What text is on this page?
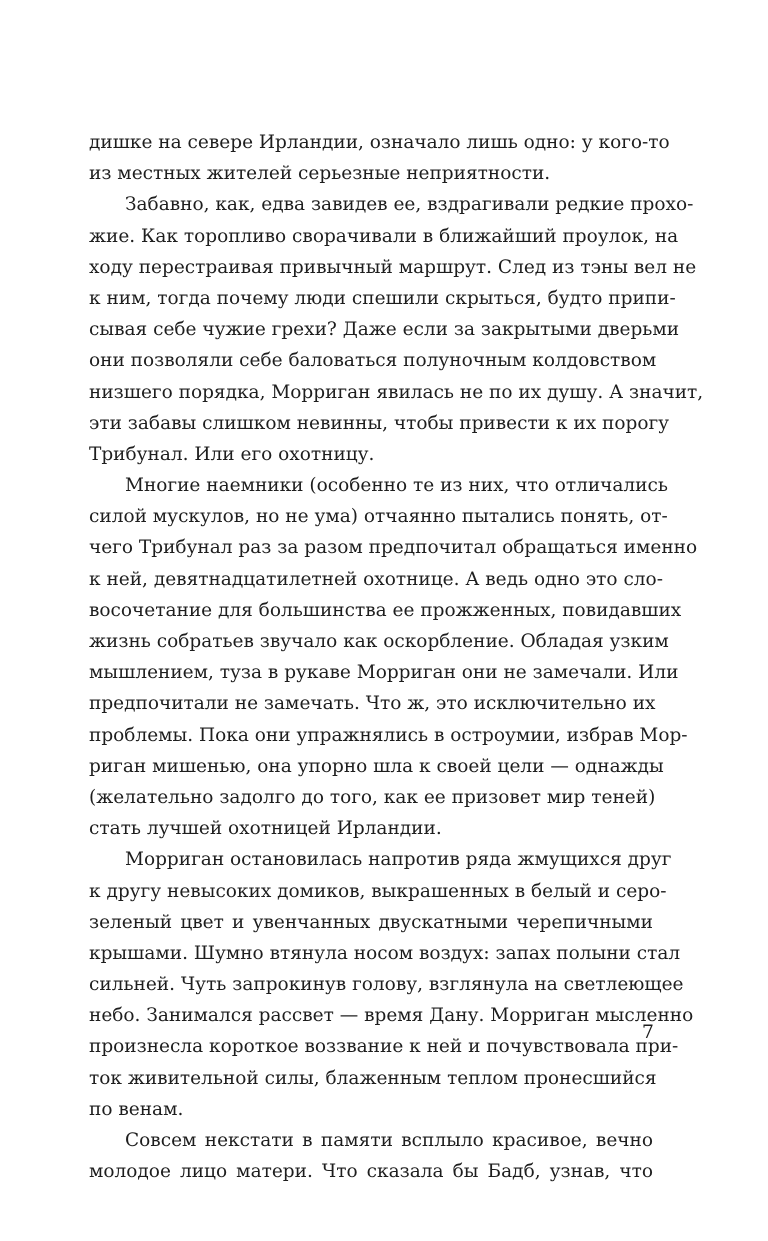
дишке на севере Ирландии, означало лишь одно: у кого-то
из местных жителей серьезные неприятности.
Забавно, как, едва завидев ее, вздрагивали редкие прохо-
жие. Как торопливо сворачивали в ближайший проулок, на
ходу перестраивая привычный маршрут. След из тэны вел не
к ним, тогда почему люди спешили скрыться, будто припи-
сывая себе чужие грехи? Даже если за закрытыми дверьми
они позволяли себе баловаться полуночным колдовством
низшего порядка, Морриган явилась не по их душу. А значит,
эти забавы слишком невинны, чтобы привести к их порогу
Трибунал. Или его охотницу.
Многие наемники (особенно те из них, что отличались
силой мускулов, но не ума) отчаянно пытались понять, от-
чего Трибунал раз за разом предпочитал обращаться именно
к ней, девятнадцатилетней охотнице. А ведь одно это сло-
восочетание для большинства ее прожженных, повидавших
жизнь собратьев звучало как оскорбление. Обладая узким
мышлением, туза в рукаве Морриган они не замечали. Или
предпочитали не замечать. Что ж, это исключительно их
проблемы. Пока они упражнялись в остроумии, избрав Мор-
риган мишенью, она упорно шла к своей цели — однажды
(желательно задолго до того, как ее призовет мир теней)
стать лучшей охотницей Ирландии.
Морриган остановилась напротив ряда жмущихся друг
к другу невысоких домиков, выкрашенных в белый и серо-
зеленый цвет и увенчанных двускатными черепичными
крышами. Шумно втянула носом воздух: запах полыни стал
сильней. Чуть запрокинув голову, взглянула на светлеющее
небо. Занимался рассвет — время Дану. Морриган мысленно
произнесла короткое воззвание к ней и почувствовала при-
ток живительной силы, блаженным теплом пронесшийся
по венам.
Совсем некстати в памяти всплыло красивое, вечно
молодое лицо матери. Что сказала бы Бадб, узнав, что
7
